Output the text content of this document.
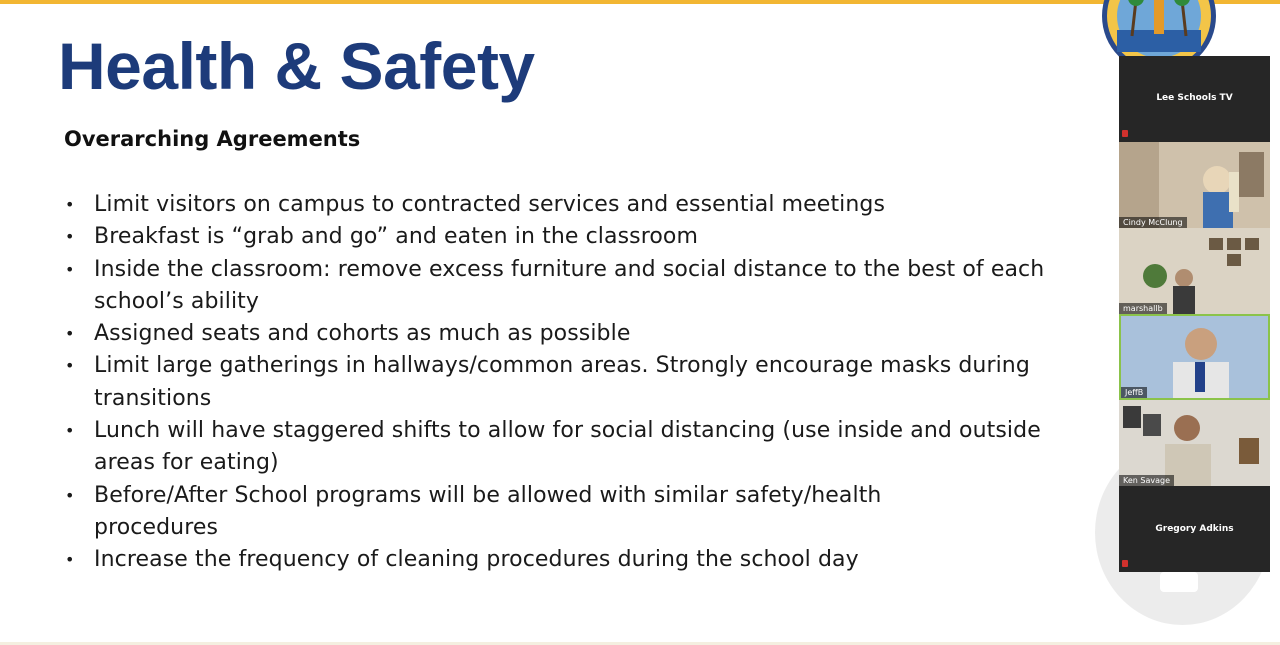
Health & Safety
Overarching Agreements
• Limit visitors on campus to contracted services and essential meetings
• Breakfast is “grab and go” and eaten in the classroom
• Inside the classroom: remove excess furniture and social distance to the best of each
school’s ability
• Assigned seats and cohorts as much as possible
• Limit large gatherings in hallways/common areas. Strongly encourage masks during
transitions
• Lunch will have staggered shifts to allow for social distancing (use inside and outside
areas for eating)
• Before/After School programs will be allowed with similar safety/health
procedures
• Increase the frequency of cleaning procedures during the school day
Lee Schools TV
Cindy McClung
marshallb
JeffB
Ken Savage
Gregory Adkins
